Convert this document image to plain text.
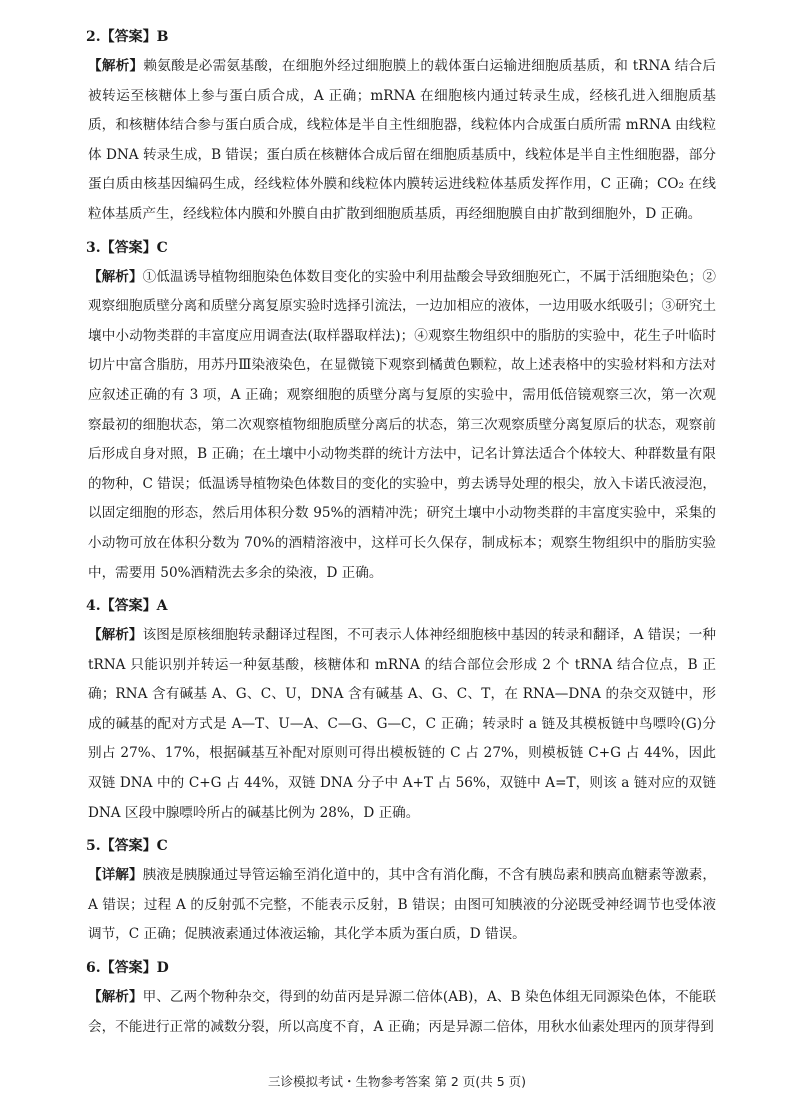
2.【答案】B
【解析】赖氨酸是必需氨基酸，在细胞外经过细胞膜上的载体蛋白运输进细胞质基质，和 tRNA 结合后被转运至核糖体上参与蛋白质合成，A 正确；mRNA 在细胞核内通过转录生成，经核孔进入细胞质基质，和核糖体结合参与蛋白质合成，线粒体是半自主性细胞器，线粒体内合成蛋白质所需 mRNA 由线粒体 DNA 转录生成，B 错误；蛋白质在核糖体合成后留在细胞质基质中，线粒体是半自主性细胞器，部分蛋白质由核基因编码生成，经线粒体外膜和线粒体内膜转运进线粒体基质发挥作用，C 正确；CO₂ 在线粒体基质产生，经线粒体内膜和外膜自由扩散到细胞质基质，再经细胞膜自由扩散到细胞外，D 正确。
3.【答案】C
【解析】①低温诱导植物细胞染色体数目变化的实验中利用盐酸会导致细胞死亡，不属于活细胞染色；②观察细胞质壁分离和质壁分离复原实验时选择引流法，一边加相应的液体，一边用吸水纸吸引；③研究土壤中小动物类群的丰富度应用调查法(取样器取样法)；④观察生物组织中的脂肪的实验中，花生子叶临时切片中富含脂肪，用苏丹Ⅲ染液染色，在显微镜下观察到橘黄色颗粒，故上述表格中的实验材料和方法对应叙述正确的有 3 项，A 正确；观察细胞的质壁分离与复原的实验中，需用低倍镜观察三次，第一次观察最初的细胞状态，第二次观察植物细胞质壁分离后的状态，第三次观察质壁分离复原后的状态，观察前后形成自身对照，B 正确；在土壤中小动物类群的统计方法中，记名计算法适合个体较大、种群数量有限的物种，C 错误；低温诱导植物染色体数目的变化的实验中，剪去诱导处理的根尖，放入卡诺氏液浸泡，以固定细胞的形态，然后用体积分数 95%的酒精冲洗；研究土壤中小动物类群的丰富度实验中，采集的小动物可放在体积分数为 70%的酒精溶液中，这样可长久保存，制成标本；观察生物组织中的脂肪实验中，需要用 50%酒精洗去多余的染液，D 正确。
4.【答案】A
【解析】该图是原核细胞转录翻译过程图，不可表示人体神经细胞核中基因的转录和翻译，A 错误；一种 tRNA 只能识别并转运一种氨基酸，核糖体和 mRNA 的结合部位会形成 2 个 tRNA 结合位点，B 正确；RNA 含有碱基 A、G、C、U，DNA 含有碱基 A、G、C、T，在 RNA—DNA 的杂交双链中，形成的碱基的配对方式是 A—T、U—A、C—G、G—C，C 正确；转录时 a 链及其模板链中鸟嘌呤(G)分别占 27%、17%，根据碱基互补配对原则可得出模板链的 C 占 27%，则模板链 C+G 占 44%，因此双链 DNA 中的 C+G 占 44%，双链 DNA 分子中 A+T 占 56%，双链中 A=T，则该 a 链对应的双链 DNA 区段中腺嘌呤所占的碱基比例为 28%，D 正确。
5.【答案】C
【详解】胰液是胰腺通过导管运输至消化道中的，其中含有消化酶，不含有胰岛素和胰高血糖素等激素，A 错误；过程 A 的反射弧不完整，不能表示反射，B 错误；由图可知胰液的分泌既受神经调节也受体液调节，C 正确；促胰液素通过体液运输，其化学本质为蛋白质，D 错误。
6.【答案】D
【解析】甲、乙两个物种杂交，得到的幼苗丙是异源二倍体(AB)，A、B 染色体组无同源染色体，不能联会，不能进行正常的减数分裂，所以高度不育，A 正确；丙是异源二倍体，用秋水仙素处理丙的顶芽得到
三诊模拟考试・生物参考答案 第 2 页(共 5 页)
